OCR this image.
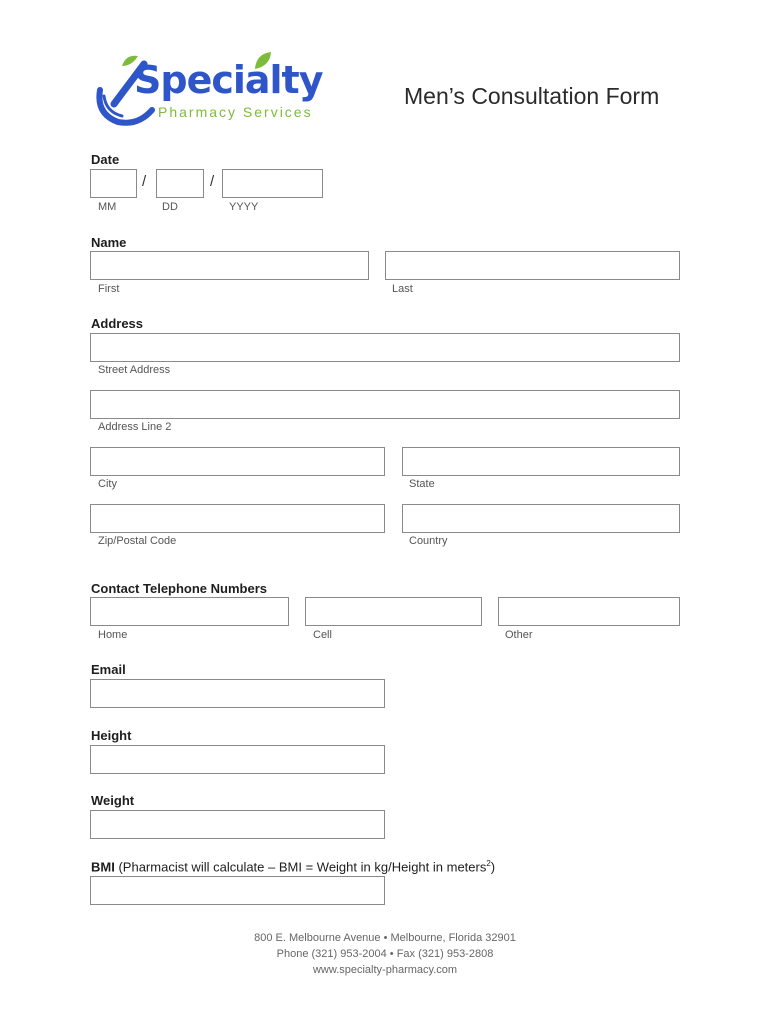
Specialty
Pharmacy Services
Men’s Consultation Form
Date
/	/
MM	DD	YYYY
Name
First	Last
Address
Street Address
Address Line 2
City	State
Zip/Postal Code	Country
Contact Telephone Numbers
Home	Cell	Other
Email
Height
Weight
BMI (Pharmacist will calculate – BMI = Weight in kg/Height in meters$^2$)
800 E. Melbourne Avenue • Melbourne, Florida 32901
Phone (321) 953-2004 • Fax (321) 953-2808
www.specialty-pharmacy.com
